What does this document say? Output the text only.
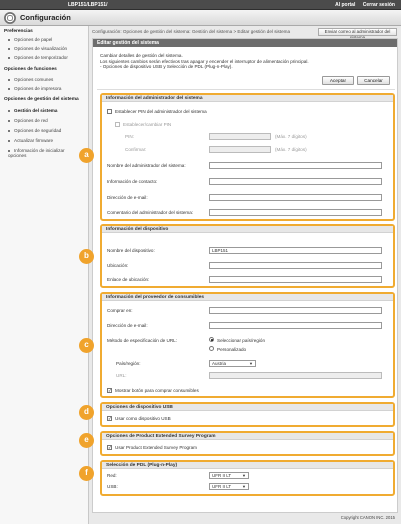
LBP151/LBP151/	Al portal Cerrar sesión
Configuración
Preferencias
Opciones de papel
Opciones de visualización
Opciones de temporizador
Opciones de funciones
Opciones comunes
Opciones de impresora
Opciones de gestión del sistema
Gestión del sistema
Opciones de red
Opciones de seguridad
Actualizar firmware
Información de inicializar opciones
Configuración: Opciones de gestión del sistema: Gestión del sistema > Editar gestión del sistema	Enviar correo al administrador del
Editar gestión del sistema
Cambiar detalles de gestión del sistema.
Los siguientes cambios serán efectivos tras apagar y encender el interruptor de alimentación principal.
- Opciones de dispositivo USB y Selección de PDL (Plug-n-Play).
Aceptar	Cancelar
Información del administrador del sistema
Establecer PIN del administrador del sistema
Establecer/cambiar PIN
PIN:	(Máx. 7 dígitos)
Confirmar:	(Máx. 7 dígitos)
Nombre del administrador del sistema:
Información de contacto:
Dirección de e-mail:
Comentario del administrador del sistema:
Información del dispositivo
Nombre del dispositivo:	LBP151
Ubicación:
Enlace de ubicación:
Información del proveedor de consumibles
Comprar en:
Dirección de e-mail:
Método de especificación de URL:	Seleccionar país/región
Personalizado
País/región:	Austria	▼
URL:
✓ Mostrar botón para comprar consumibles
Opciones de dispositivo USB
✓ Usar como dispositivo USB
Opciones de Product Extended Survey Program
✓ Usar Product Extended Survey Program
Selección de PDL (Plug-n-Play)
Red:	UFR II LT	▼
USB:	UFR II LT	▼
a
b
c
d
e
f
Copyright CANON INC. 2015
